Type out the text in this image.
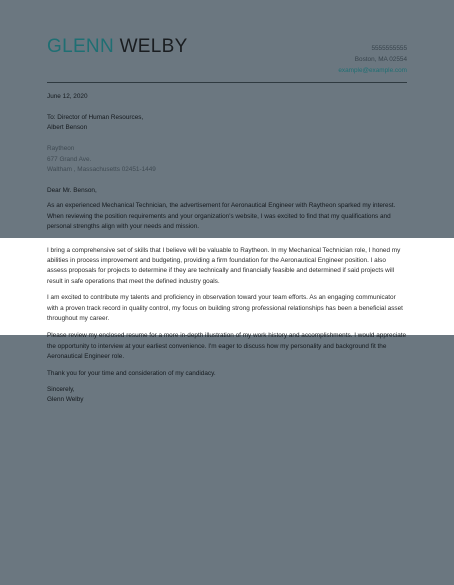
GLENN WELBY	5555555555
Boston, MA 02554
example@example.com

June 12, 2020

To: Director of Human Resources,

Albert Benson

Raytheon

677 Grand Ave.

Waltham , Massachusetts 02451-1449

Dear Mr. Benson,

As an experienced Mechanical Technician, the advertisement for Aeronautical Engineer with Raytheon sparked my interest. When reviewing the position requirements and your organization's website, I was excited to find that my qualifications and personal strengths align with your needs and mission.

I bring a comprehensive set of skills that I believe will be valuable to Raytheon. In my Mechanical Technician role, I honed my abilities in process improvement and budgeting, providing a firm foundation for the Aeronautical Engineer position. I also assess proposals for projects to determine if they are technically and financially feasible and determined if said projects will result in safe operations that meet the defined industry goals.

I am excited to contribute my talents and proficiency in observation toward your team efforts. As an engaging communicator with a proven track record in quality control, my focus on building strong professional relationships has been a beneficial asset throughout my career.

Please review my enclosed resume for a more in-depth illustration of my work history and accomplishments. I would appreciate the opportunity to interview at your earliest convenience. I'm eager to discuss how my personality and background fit the Aeronautical Engineer role.

Thank you for your time and consideration of my candidacy.

Sincerely,

Glenn Welby
